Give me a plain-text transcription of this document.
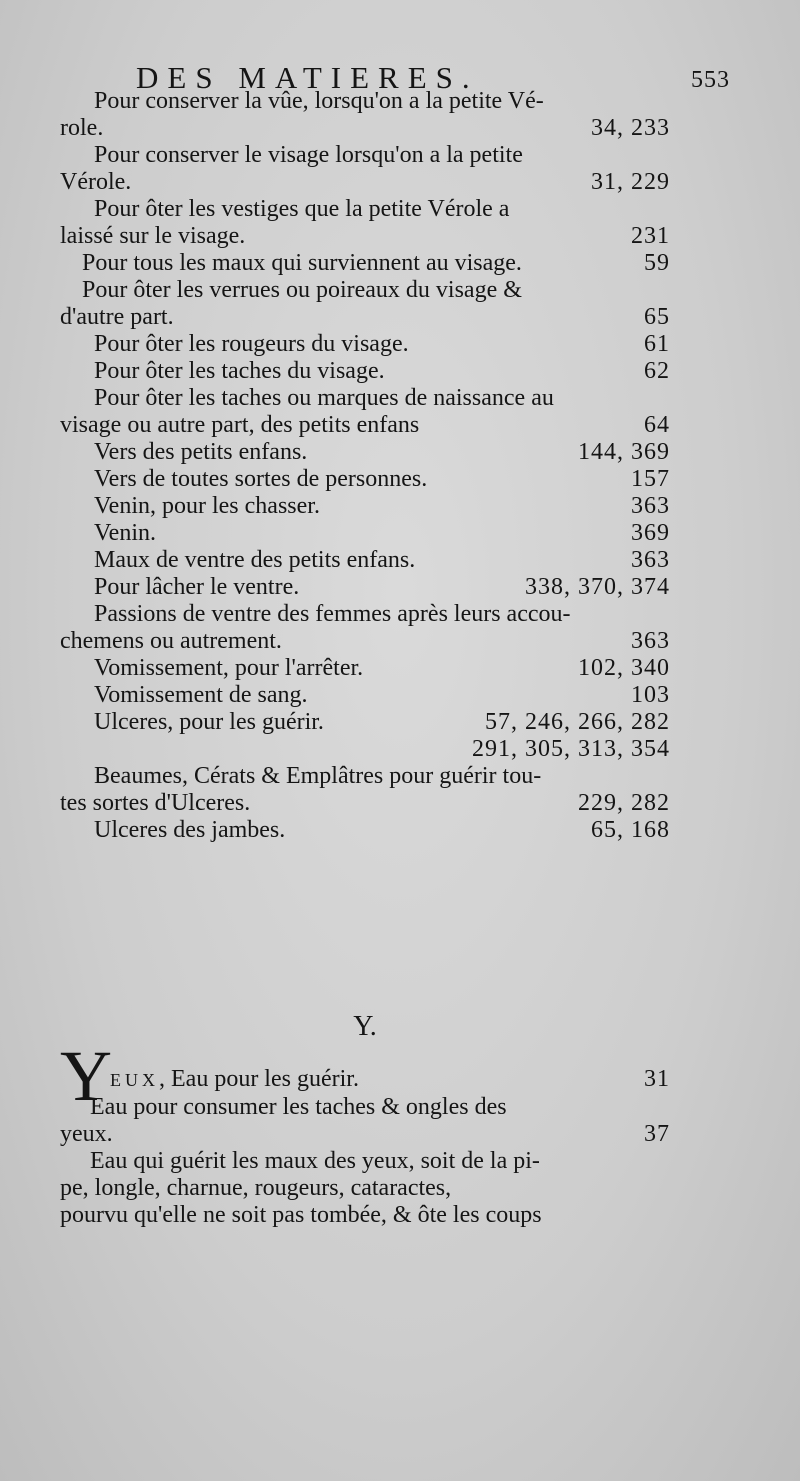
DES MATIERES.	553
Pour conserver la vûe, lorsqu'on a la petite Vé-
role.	34, 233
Pour conserver le visage lorsqu'on a la petite
Vérole.	31, 229
Pour ôter les vestiges que la petite Vérole a
laissé sur le visage.	231
Pour tous les maux qui surviennent au visage.	59
Pour ôter les verrues ou poireaux du visage &
d'autre part.	65
Pour ôter les rougeurs du visage.	61
Pour ôter les taches du visage.	62
Pour ôter les taches ou marques de naissance au
visage ou autre part, des petits enfans	64
Vers des petits enfans.	144, 369
Vers de toutes sortes de personnes.	157
Venin, pour les chasser.	363
Venin.	369
Maux de ventre des petits enfans.	363
Pour lâcher le ventre.	338, 370, 374
Passions de ventre des femmes après leurs accou-
chemens ou autrement.	363
Vomissement, pour l'arrêter.	102, 340
Vomissement de sang.	103
Ulceres, pour les guérir.	57, 246, 266, 282

291, 305, 313, 354
Beaumes, Cérats & Emplâtres pour guérir tou-
tes sortes d'Ulceres.	229, 282
Ulceres des jambes.	65, 168
Y.
Y
EUX, Eau pour les guérir.	31
Eau pour consumer les taches & ongles des
yeux.	37
Eau qui guérit les maux des yeux, soit de la pi-
pe, longle, charnue, rougeurs, cataractes,
pourvu qu'elle ne soit pas tombée, & ôte les coups
